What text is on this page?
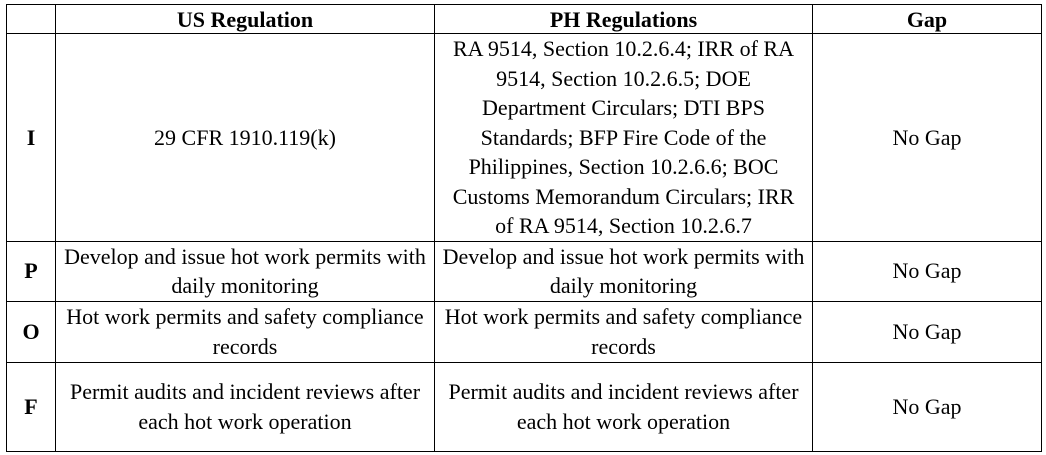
	US Regulation	PH Regulations	Gap
I	29 CFR 1910.119(k)	RA 9514, Section 10.2.6.4; IRR of RA 9514, Section 10.2.6.5; DOE Department Circulars; DTI BPS Standards; BFP Fire Code of the Philippines, Section 10.2.6.6; BOC Customs Memorandum Circulars; IRR of RA 9514, Section 10.2.6.7	No Gap
P	Develop and issue hot work permits with daily monitoring	Develop and issue hot work permits with daily monitoring	No Gap
O	Hot work permits and safety compliance records	Hot work permits and safety compliance records	No Gap
F	Permit audits and incident reviews after each hot work operation	Permit audits and incident reviews after each hot work operation	No Gap
